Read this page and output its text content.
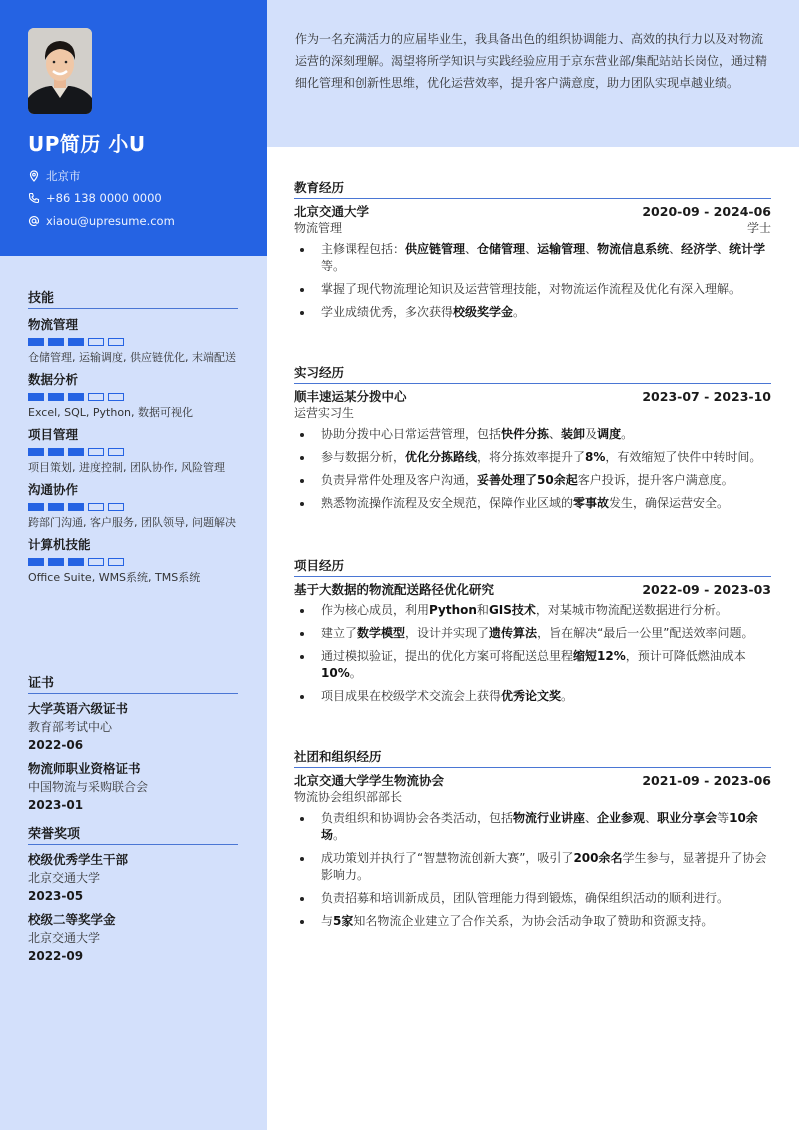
UP简历 小U
北京市
+86 138 0000 0000
xiaou@upresume.com
技能
物流管理
仓储管理, 运输调度, 供应链优化, 末端配送
数据分析
Excel, SQL, Python, 数据可视化
项目管理
项目策划, 进度控制, 团队协作, 风险管理
沟通协作
跨部门沟通, 客户服务, 团队领导, 问题解决
计算机技能
Office Suite, WMS系统, TMS系统
证书
大学英语六级证书
教育部考试中心
2022-06
物流师职业资格证书
中国物流与采购联合会
2023-01
荣誉奖项
校级优秀学生干部
北京交通大学
2023-05
校级二等奖学金
北京交通大学
2022-09

作为一名充满活力的应届毕业生，我具备出色的组织协调能力、高效的执行力以及对物流运营的深刻理解。渴望将所学知识与实践经验应用于京东营业部/集配站站长岗位，通过精细化管理和创新性思维，优化运营效率，提升客户满意度，助力团队实现卓越业绩。

教育经历
北京交通大学	2020-09 - 2024-06
物流管理	学士
主修课程包括：供应链管理、仓储管理、运输管理、物流信息系统、经济学、统计学等。
掌握了现代物流理论知识及运营管理技能，对物流运作流程及优化有深入理解。
学业成绩优秀，多次获得校级奖学金。
实习经历
顺丰速运某分拨中心	2023-07 - 2023-10
运营实习生
协助分拨中心日常运营管理，包括快件分拣、装卸及调度。
参与数据分析，优化分拣路线，将分拣效率提升了8%，有效缩短了快件中转时间。
负责异常件处理及客户沟通，妥善处理了50余起客户投诉，提升客户满意度。
熟悉物流操作流程及安全规范，保障作业区域的零事故发生，确保运营安全。
项目经历
基于大数据的物流配送路径优化研究	2022-09 - 2023-03
作为核心成员，利用Python和GIS技术，对某城市物流配送数据进行分析。
建立了数学模型，设计并实现了遗传算法，旨在解决“最后一公里”配送效率问题。
通过模拟验证，提出的优化方案可将配送总里程缩短12%，预计可降低燃油成本10%。
项目成果在校级学术交流会上获得优秀论文奖。
社团和组织经历
北京交通大学学生物流协会	2021-09 - 2023-06
物流协会组织部部长
负责组织和协调协会各类活动，包括物流行业讲座、企业参观、职业分享会等10余场。
成功策划并执行了“智慧物流创新大赛”，吸引了200余名学生参与，显著提升了协会影响力。
负责招募和培训新成员，团队管理能力得到锻炼，确保组织活动的顺利进行。
与5家知名物流企业建立了合作关系，为协会活动争取了赞助和资源支持。
